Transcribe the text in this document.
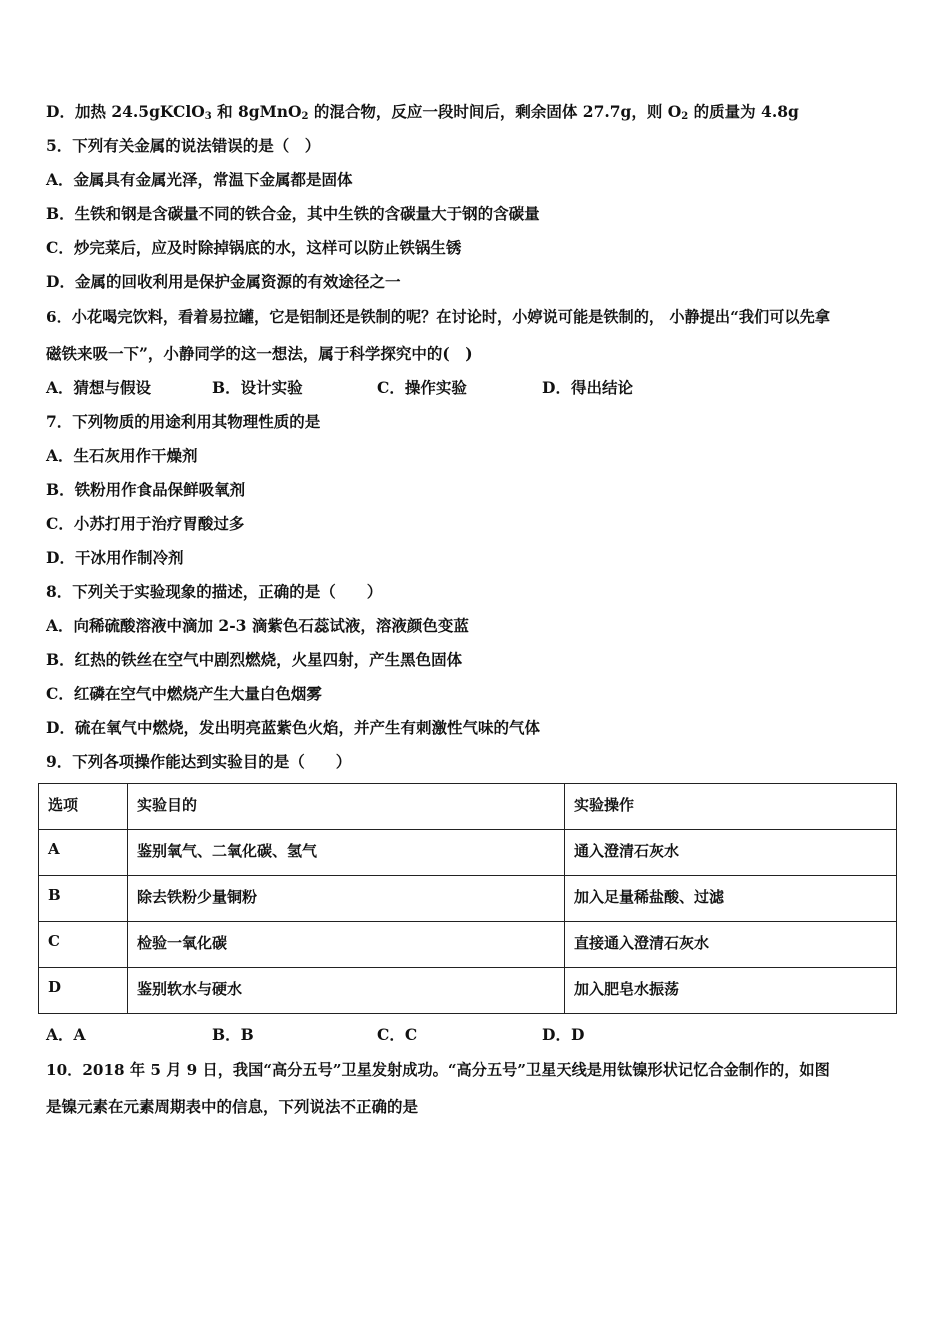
D．加热 24.5gKClO$_3$ 和 8gMnO$_2$ 的混合物，反应一段时间后，剩余固体 27.7g，则 $O_2$ 的质量为 4.8g
5．下列有关金属的说法错误的是（　）
A．金属具有金属光泽，常温下金属都是固体
B．生铁和钢是含碳量不同的铁合金，其中生铁的含碳量大于钢的含碳量
C．炒完菜后，应及时除掉锅底的水，这样可以防止铁锅生锈
D．金属的回收利用是保护金属资源的有效途径之一
6．小花喝完饮料，看着易拉罐，它是铝制还是铁制的呢？在讨论时，小婷说可能是铁制的， 小静提出“我们可以先拿
磁铁来吸一下”，小静同学的这一想法，属于科学探究中的(　)
A．猜想与假设	B．设计实验	C．操作实验	D．得出结论
7．下列物质的用途利用其物理性质的是
A．生石灰用作干燥剂
B．铁粉用作食品保鲜吸氧剂
C．小苏打用于治疗胃酸过多
D．干冰用作制冷剂
8．下列关于实验现象的描述，正确的是（　　）
A．向稀硫酸溶液中滴加 2-3 滴紫色石蕊试液，溶液颜色变蓝
B．红热的铁丝在空气中剧烈燃烧，火星四射，产生黑色固体
C．红磷在空气中燃烧产生大量白色烟雾
D．硫在氧气中燃烧，发出明亮蓝紫色火焰，并产生有刺激性气味的气体
9．下列各项操作能达到实验目的是（　　）
选项	实验目的	实验操作
A	鉴别氧气、二氧化碳、氢气	通入澄清石灰水
B	除去铁粉少量铜粉	加入足量稀盐酸、过滤
C	检验一氧化碳	直接通入澄清石灰水
D	鉴别软水与硬水	加入肥皂水振荡
A．A	B．B	C．C	D．D
10．2018 年 5 月 9 日，我国“高分五号”卫星发射成功。“高分五号”卫星天线是用钛镍形状记忆合金制作的，如图
是镍元素在元素周期表中的信息，下列说法不正确的是
